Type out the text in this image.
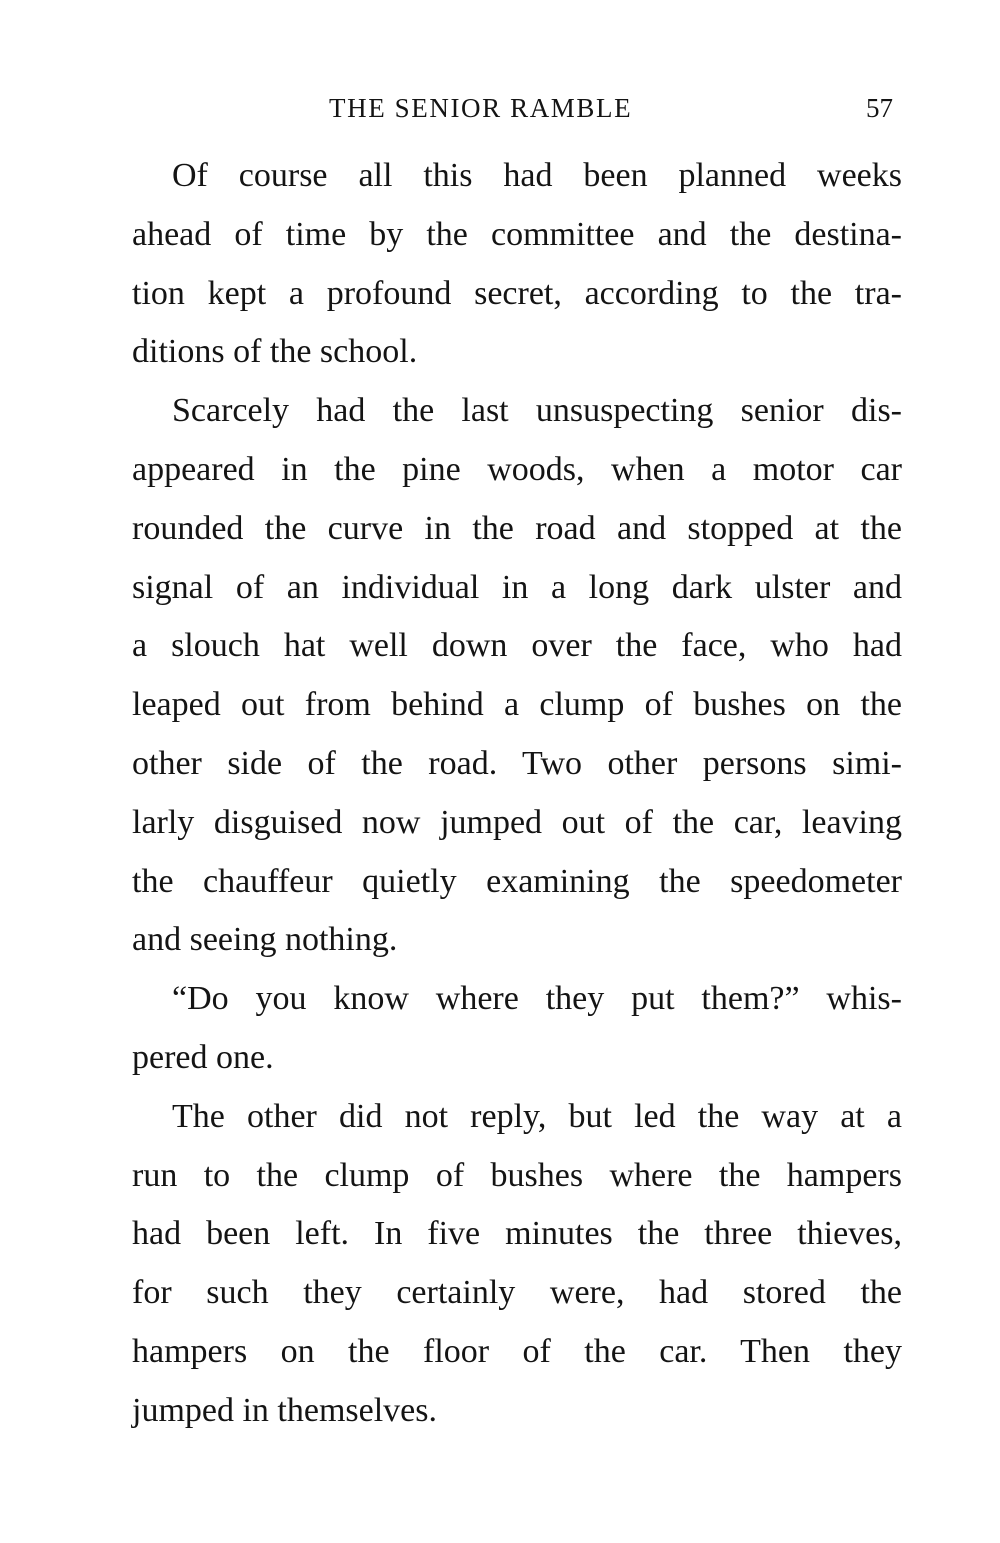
THE SENIOR RAMBLE	57
Of course all this had been planned weeks
ahead of time by the committee and the destina-
tion kept a profound secret, according to the tra-
ditions of the school.
Scarcely had the last unsuspecting senior dis-
appeared in the pine woods, when a motor car
rounded the curve in the road and stopped at the
signal of an individual in a long dark ulster and
a slouch hat well down over the face, who had
leaped out from behind a clump of bushes on the
other side of the road. Two other persons simi-
larly disguised now jumped out of the car, leaving
the chauffeur quietly examining the speedometer
and seeing nothing.
“Do you know where they put them?” whis-
pered one.
The other did not reply, but led the way at a
run to the clump of bushes where the hampers
had been left. In five minutes the three thieves,
for such they certainly were, had stored the
hampers on the floor of the car. Then they
jumped in themselves.
